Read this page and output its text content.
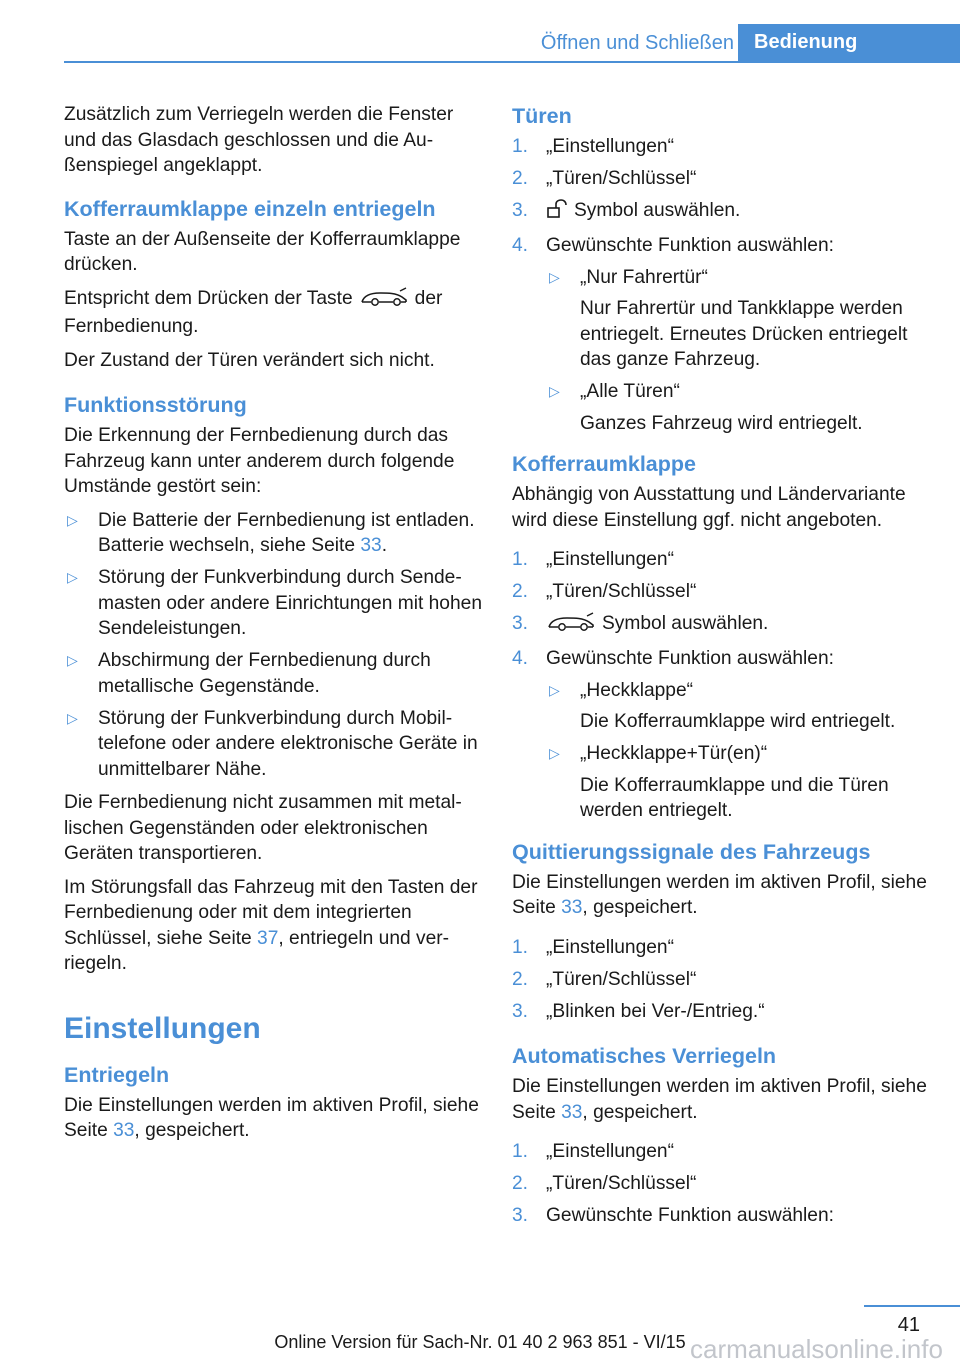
Öffnen und Schließen	Bedienung

Zusätzlich zum Verriegeln werden die Fenster und das Glasdach geschlossen und die Außenspiegel angeklappt.

Kofferraumklappe einzeln entriegeln

Taste an der Außenseite der Kofferraumklappe drücken.

Entspricht dem Drücken der Taste	der Fernbedienung.

Der Zustand der Türen verändert sich nicht.

Funktionsstörung

Die Erkennung der Fernbedienung durch das Fahrzeug kann unter anderem durch folgende Umstände gestört sein:

▷ Die Batterie der Fernbedienung ist entladen. Batterie wechseln, siehe Seite 33.
▷ Störung der Funkverbindung durch Sendemasten oder andere Einrichtungen mit hohen Sendeleistungen.
▷ Abschirmung der Fernbedienung durch metallische Gegenstände.
▷ Störung der Funkverbindung durch Mobiltelefone oder andere elektronische Geräte in unmittelbarer Nähe.

Die Fernbedienung nicht zusammen mit metallischen Gegenständen oder elektronischen Geräten transportieren.

Im Störungsfall das Fahrzeug mit den Tasten der Fernbedienung oder mit dem integrierten Schlüssel, siehe Seite 37, entriegeln und verriegeln.

Einstellungen
Entriegeln

Die Einstellungen werden im aktiven Profil, siehe Seite 33, gespeichert.

Türen
1. „Einstellungen“
2. „Türen/Schlüssel“
3. Symbol auswählen.
4. Gewünschte Funktion auswählen:
▷ „Nur Fahrertür“
Nur Fahrertür und Tankklappe werden entriegelt. Erneutes Drücken entriegelt das ganze Fahrzeug.
▷ „Alle Türen“
Ganzes Fahrzeug wird entriegelt.
Kofferraumklappe

Abhängig von Ausstattung und Ländervariante wird diese Einstellung ggf. nicht angeboten.

1. „Einstellungen“
2. „Türen/Schlüssel“
3.	Symbol auswählen.
4. Gewünschte Funktion auswählen:
▷ „Heckklappe“
Die Kofferraumklappe wird entriegelt.
▷ „Heckklappe+Tür(en)“
Die Kofferraumklappe und die Türen werden entriegelt.
Quittierungssignale des Fahrzeugs

Die Einstellungen werden im aktiven Profil, siehe Seite 33, gespeichert.

1. „Einstellungen“
2. „Türen/Schlüssel“
3. „Blinken bei Ver-/Entrieg.“
Automatisches Verriegeln

Die Einstellungen werden im aktiven Profil, siehe Seite 33, gespeichert.

1. „Einstellungen“
2. „Türen/Schlüssel“
3. Gewünschte Funktion auswählen:
41
Online Version für Sach-Nr. 01 40 2 963 851 - VI/15 carmanualsonline.info
